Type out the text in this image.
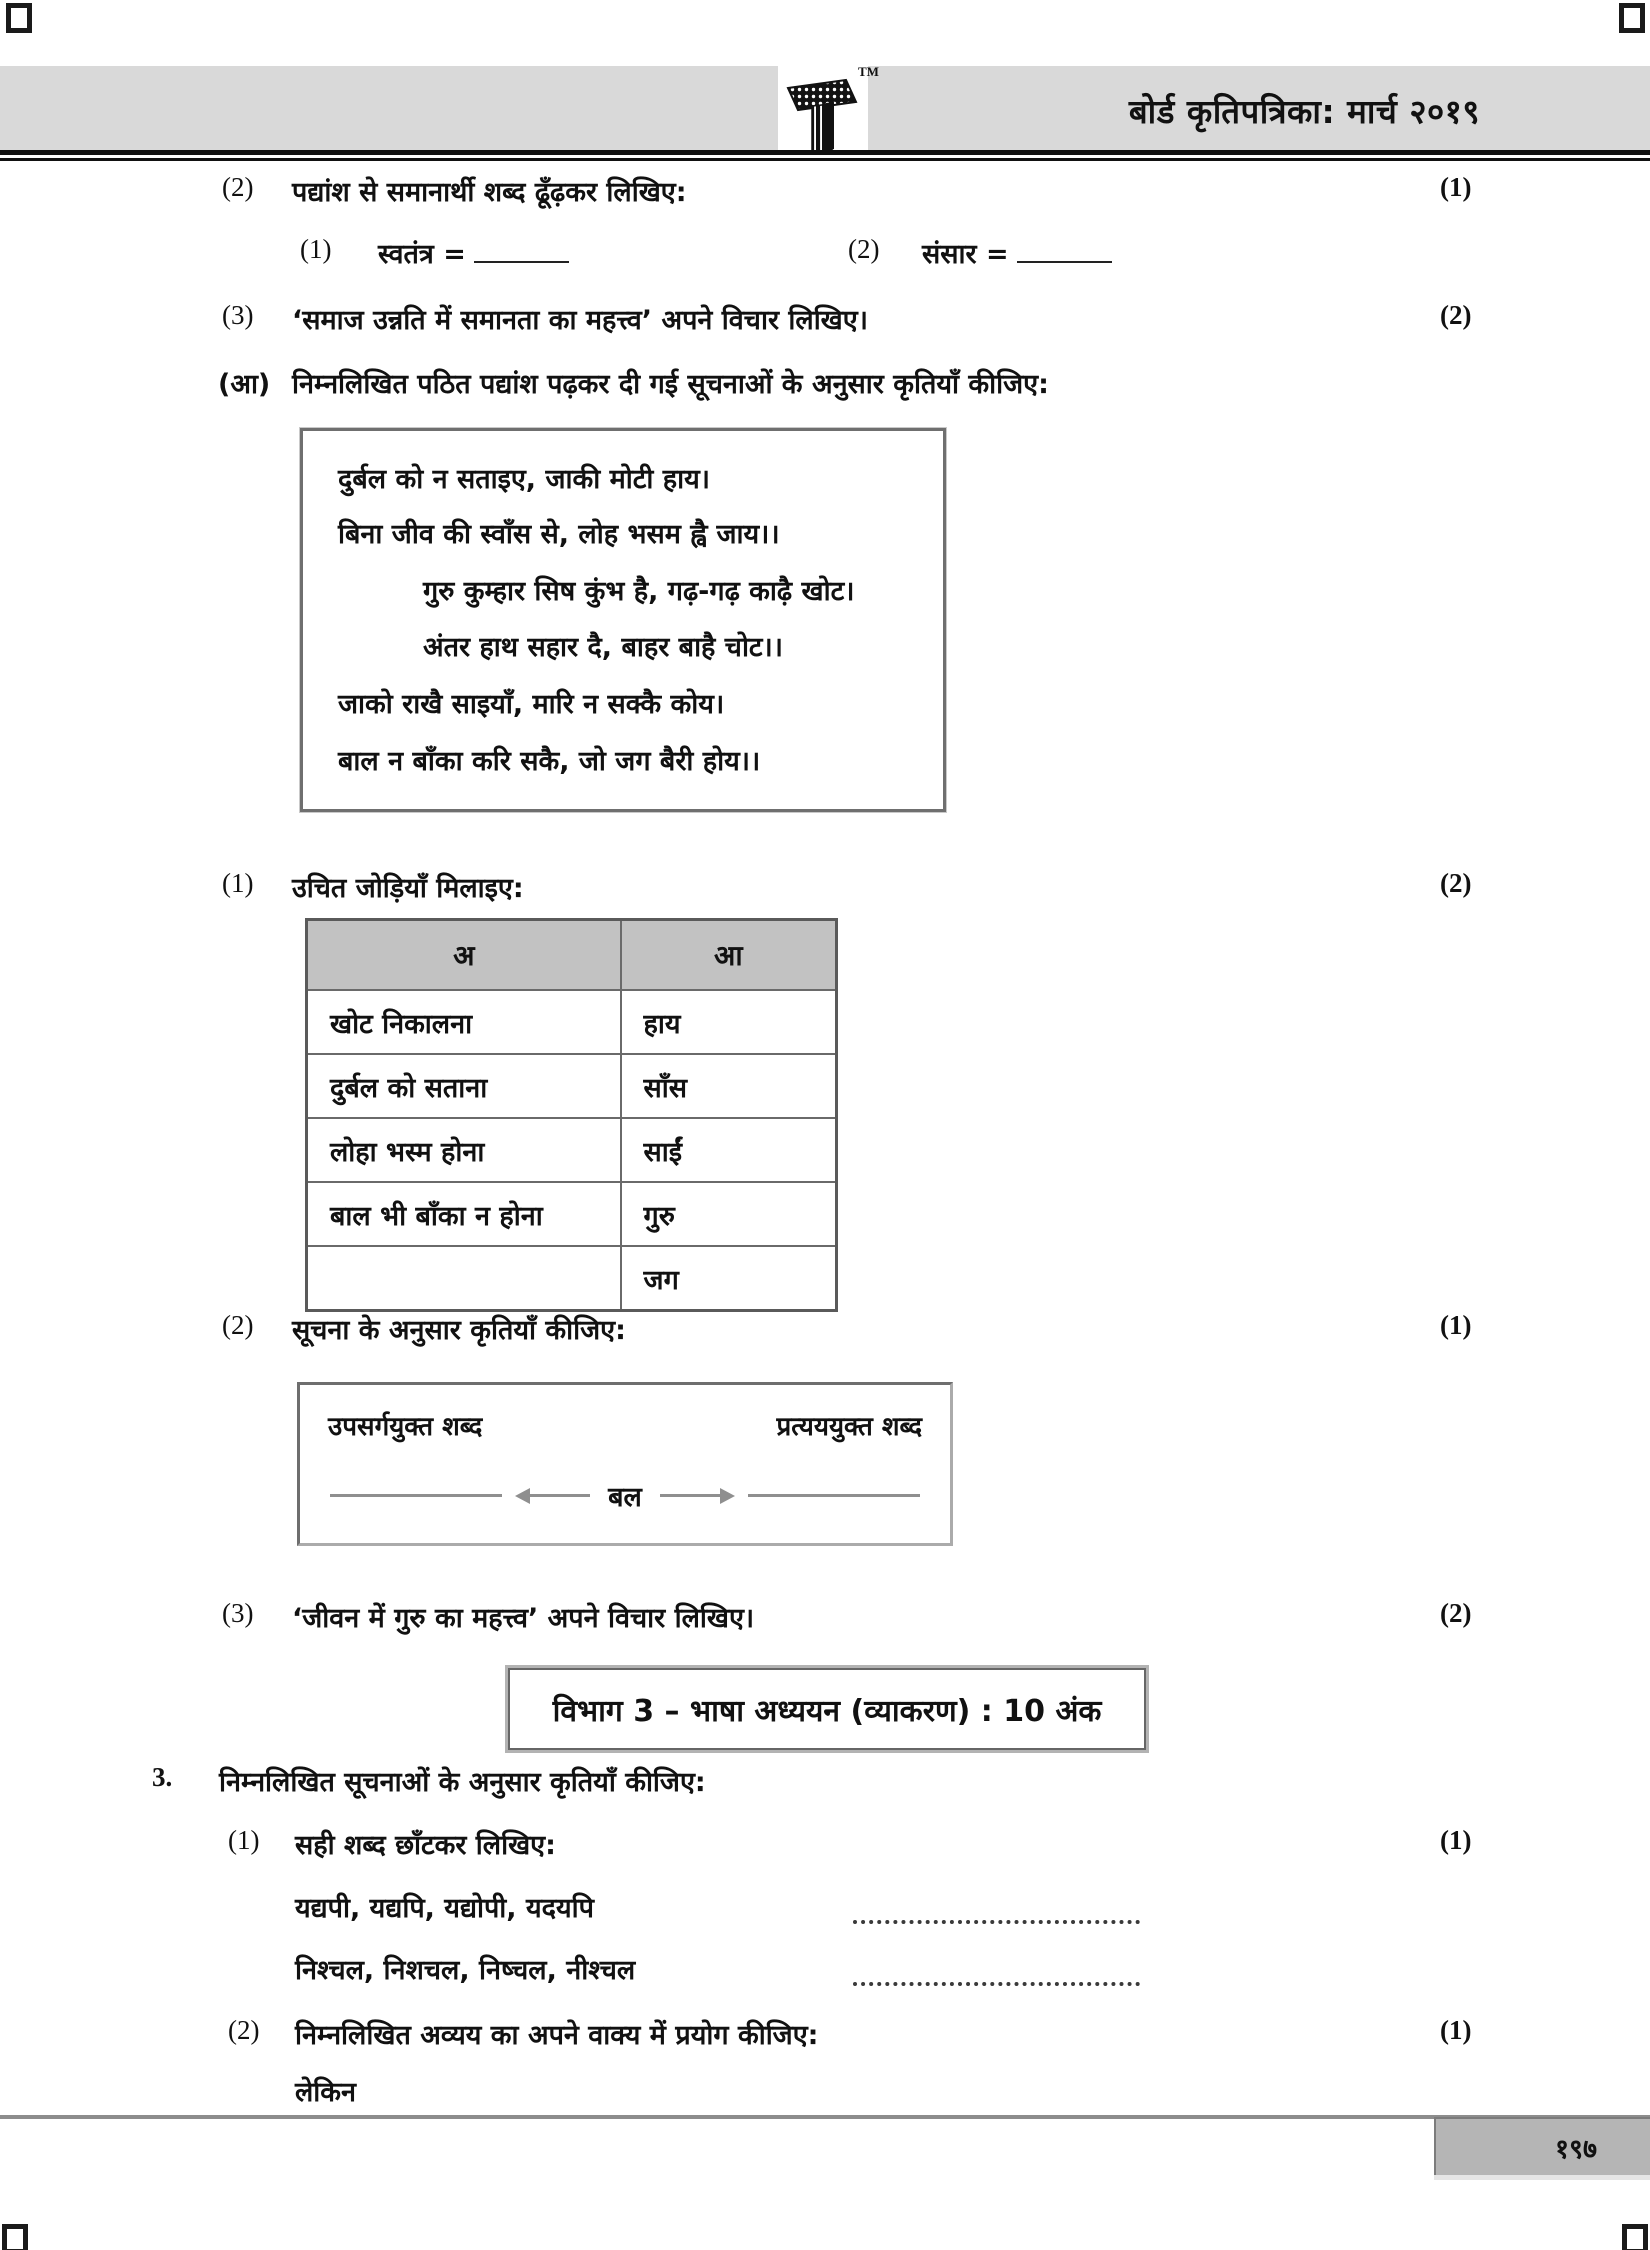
TM
बोर्ड कृतिपत्रिका: मार्च २०१९
(2) पद्यांश से समानार्थी शब्द ढूँढ़कर लिखिए:	(1)
(1) स्वतंत्र =	(2) संसार =
(3) ‘समाज उन्नति में समानता का महत्त्व’ अपने विचार लिखिए।	(2)
(आ) निम्नलिखित पठित पद्यांश पढ़कर दी गई सूचनाओं के अनुसार कृतियाँ कीजिए:
दुर्बल को न सताइए, जाकी मोटी हाय।
बिना जीव की स्वाँस से, लोह भसम ह्वै जाय।।
गुरु कुम्हार सिष कुंभ है, गढ़-गढ़ काढ़ै खोट।
अंतर हाथ सहार दै, बाहर बाहै चोट।।
जाको राखै साइयाँ, मारि न सक्कै कोय।
बाल न बाँका करि सकै, जो जग बैरी होय।।
(1) उचित जोड़ियाँ मिलाइए:	(2)
अ	आ
खोट निकालना	हाय
दुर्बल को सताना	साँस
लोहा भस्म होना	साईं
बाल भी बाँका न होना	गुरु
	जग
(2) सूचना के अनुसार कृतियाँ कीजिए:	(1)
उपसर्गयुक्त शब्द	प्रत्यययुक्त शब्द
बल
(3) ‘जीवन में गुरु का महत्त्व’ अपने विचार लिखिए।	(2)
विभाग 3 – भाषा अध्ययन (व्याकरण) : 10 अंक
3. निम्नलिखित सूचनाओं के अनुसार कृतियाँ कीजिए:
(1) सही शब्द छाँटकर लिखिए:	(1)
यद्यपी, यद्यपि, यद्योपी, यदयपि
निश्चल, निशचल, निष्चल, नीश्चल
(2) निम्नलिखित अव्यय का अपने वाक्य में प्रयोग कीजिए:	(1)
लेकिन
१९७
